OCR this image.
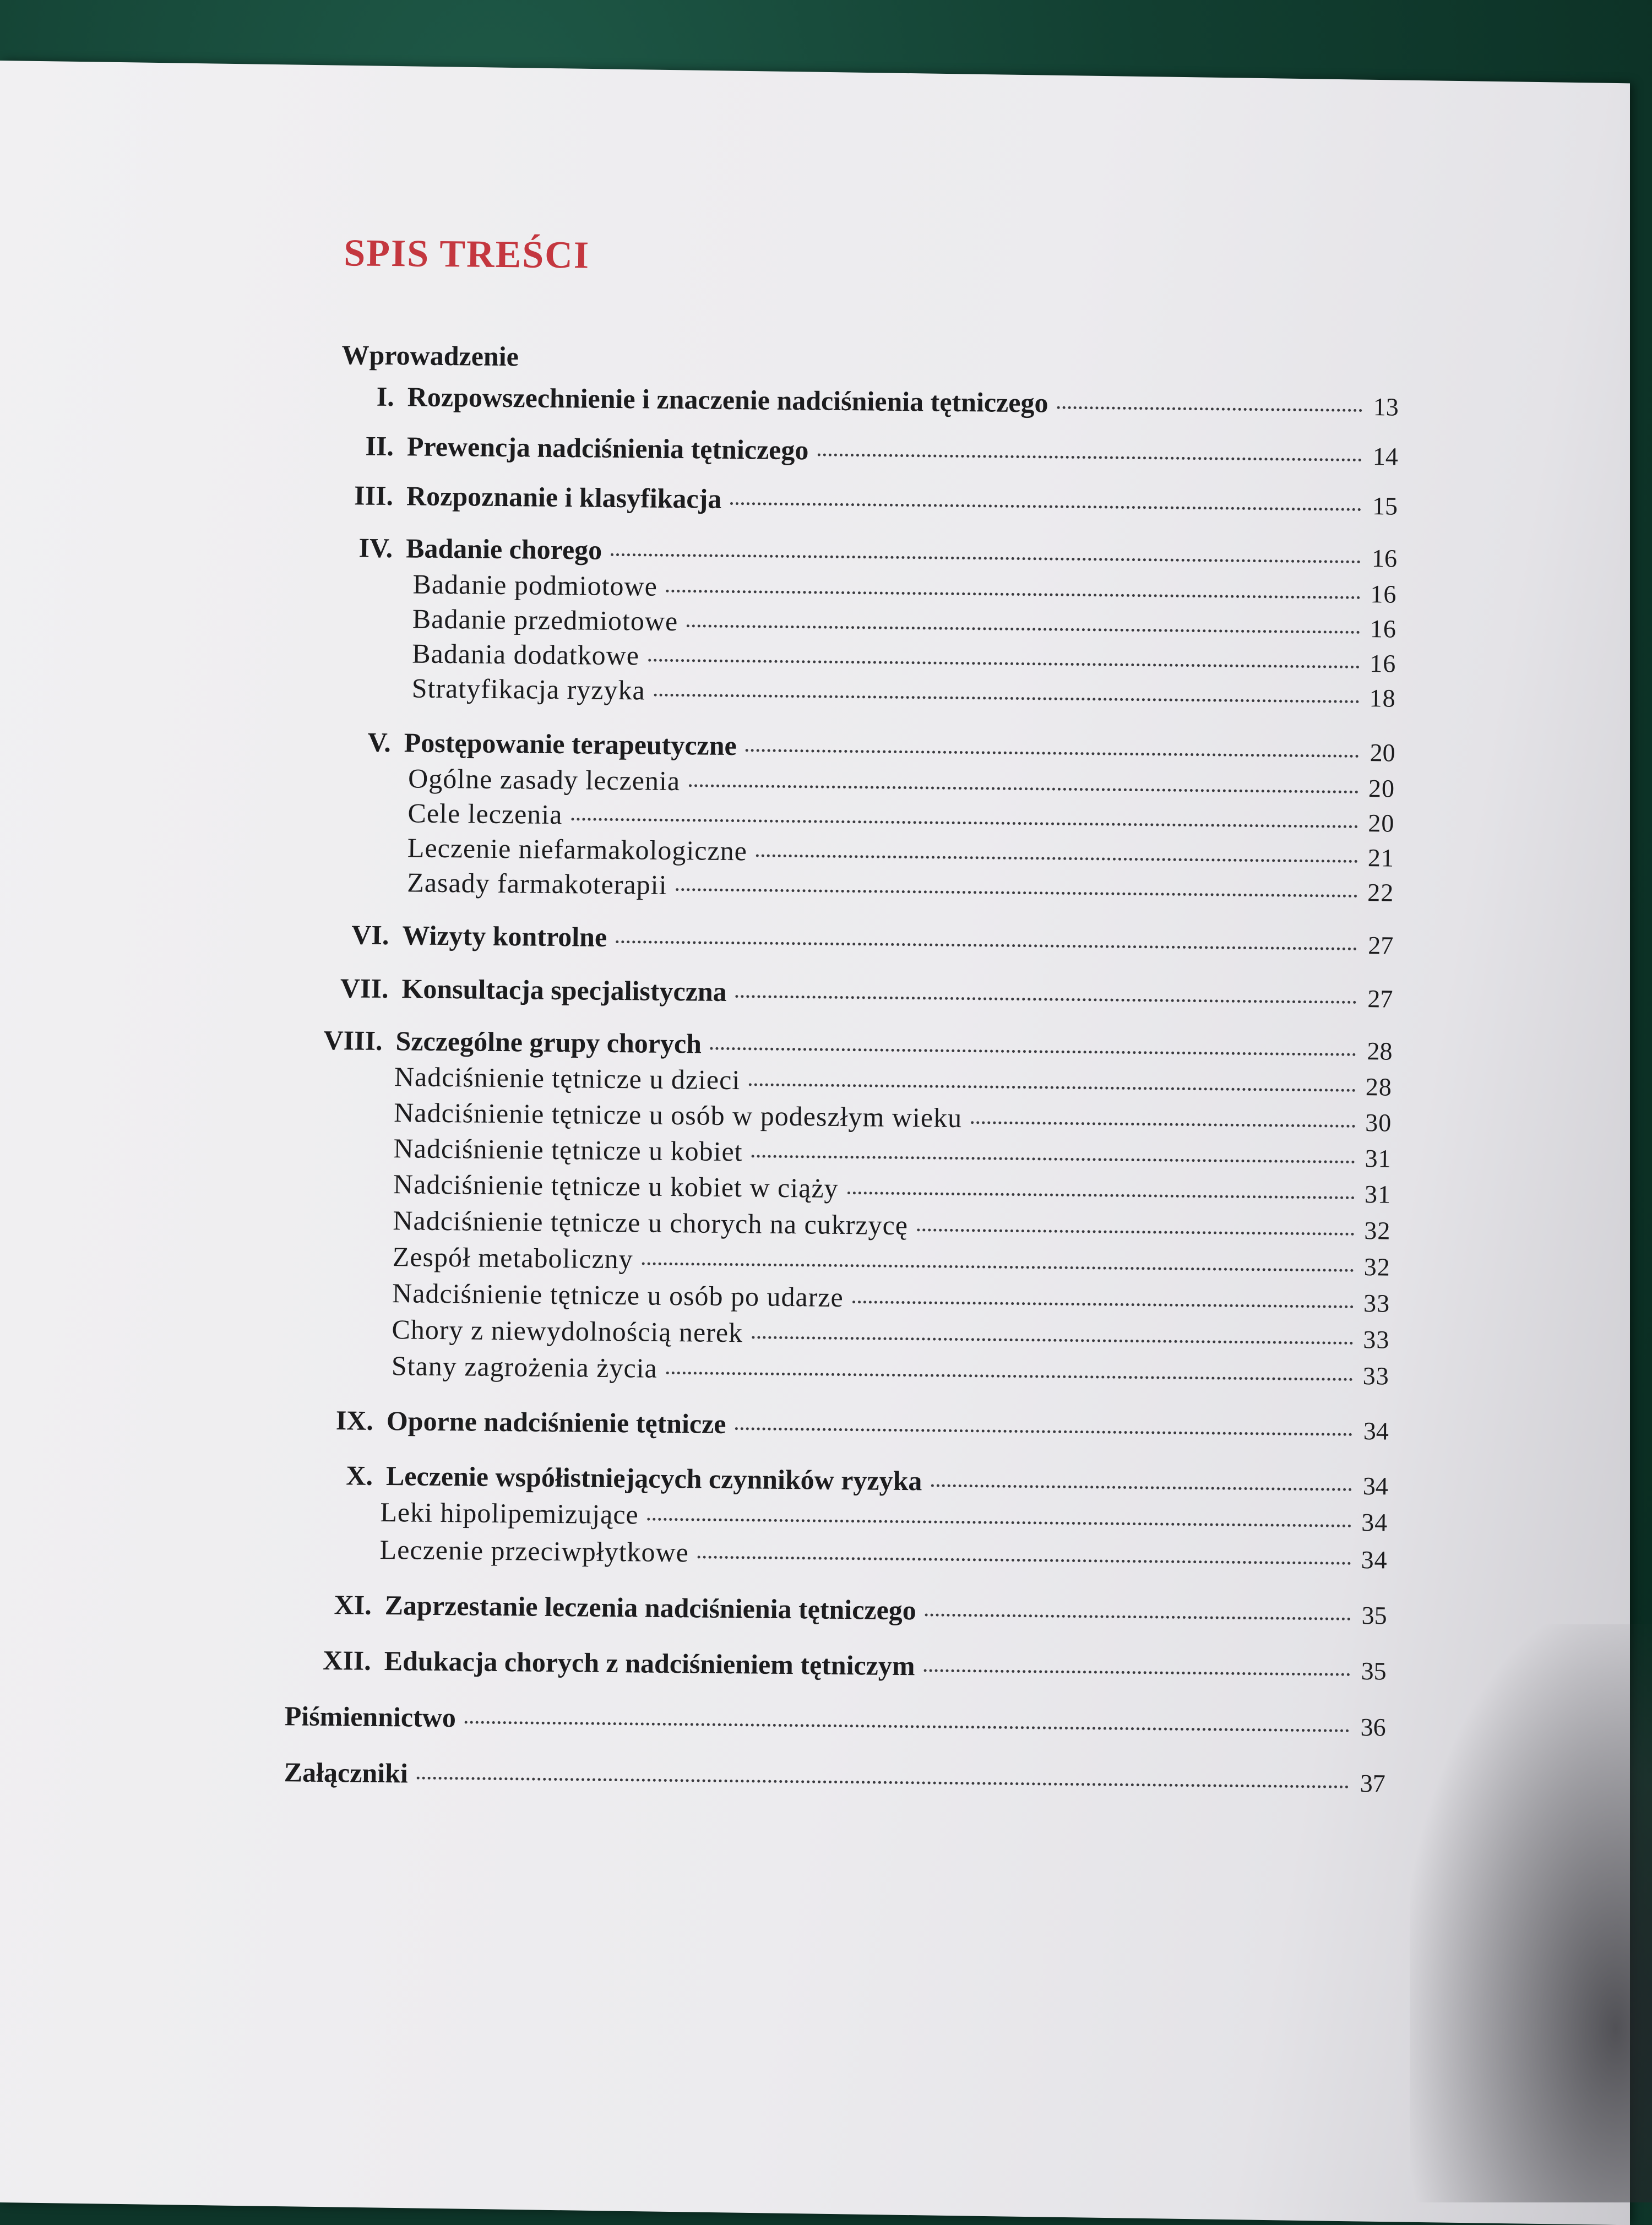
SPIS TREŚCI
Wprowadzenie
I. Rozpowszechnienie i znaczenie nadciśnienia tętniczego	13
II. Prewencja nadciśnienia tętniczego	14
III. Rozpoznanie i klasyfikacja	15
IV. Badanie chorego	16
Badanie podmiotowe	16
Badanie przedmiotowe	16
Badania dodatkowe	16
Stratyfikacja ryzyka	18
V. Postępowanie terapeutyczne	20
Ogólne zasady leczenia	20
Cele leczenia	20
Leczenie niefarmakologiczne	21
Zasady farmakoterapii	22
VI. Wizyty kontrolne	27
VII. Konsultacja specjalistyczna	27
VIII. Szczególne grupy chorych	28
Nadciśnienie tętnicze u dzieci	28
Nadciśnienie tętnicze u osób w podeszłym wieku	30
Nadciśnienie tętnicze u kobiet	31
Nadciśnienie tętnicze u kobiet w ciąży	31
Nadciśnienie tętnicze u chorych na cukrzycę	32
Zespół metaboliczny	32
Nadciśnienie tętnicze u osób po udarze	33
Chory z niewydolnością nerek	33
Stany zagrożenia życia	33
IX. Oporne nadciśnienie tętnicze	34
X. Leczenie współistniejących czynników ryzyka	34
Leki hipolipemizujące	34
Leczenie przeciwpłytkowe	34
XI. Zaprzestanie leczenia nadciśnienia tętniczego	35
XII. Edukacja chorych z nadciśnieniem tętniczym	35
Piśmiennictwo	36
Załączniki	37
